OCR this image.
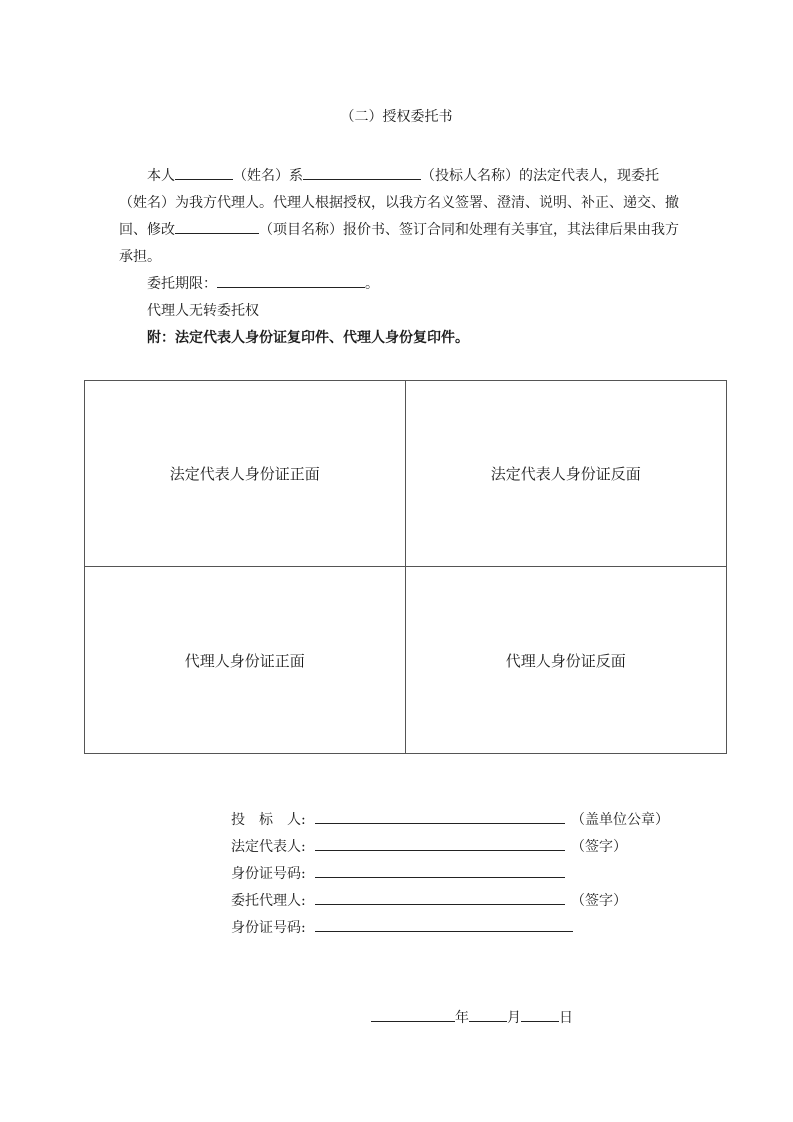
（二）授权委托书

本人	（姓名）系	（投标人名称）的法定代表人，现委托（姓名）为我方代理人。代理人根据授权，以我方名义签署、澄清、说明、补正、递交、撤回、修改	（项目名称）报价书、签订合同和处理有关事宜，其法律后果由我方承担。

委托期限：	。

代理人无转委托权

附：法定代表人身份证复印件、代理人身份复印件。

法定代表人身份证正面	法定代表人身份证反面
代理人身份证正面	代理人身份证反面
投　标　人:	（盖单位公章）
法定代表人:	（签字）
身份证号码:
委托代理人:	（签字）
身份证号码:
年	月	日
